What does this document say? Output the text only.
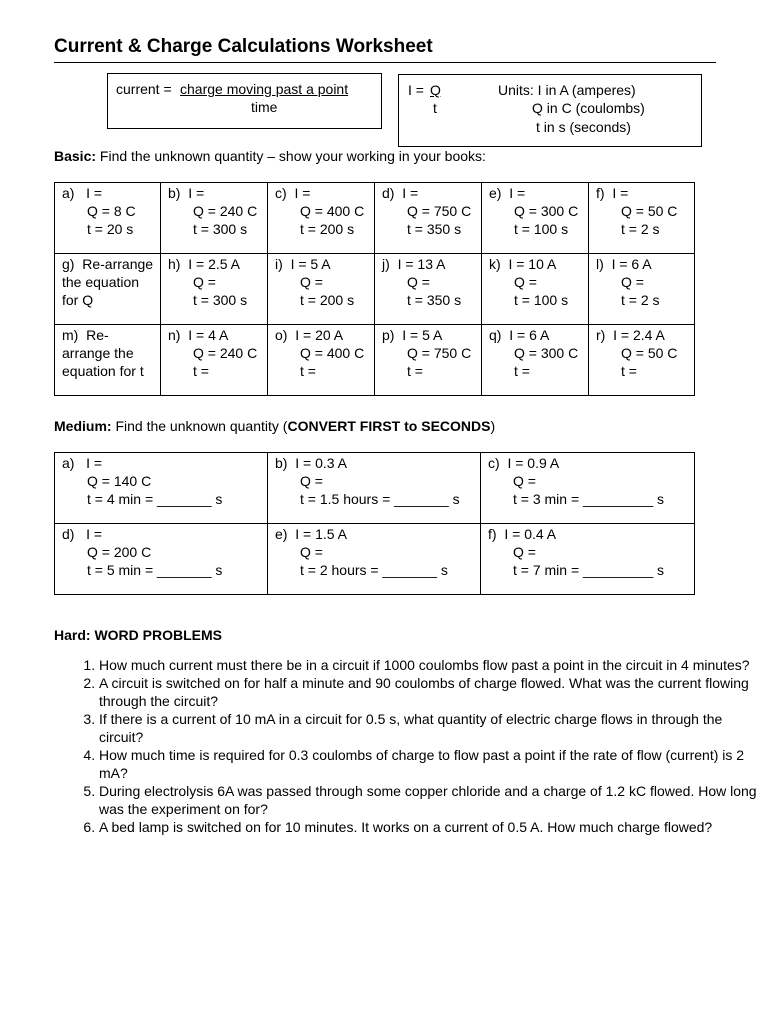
Current & Charge Calculations Worksheet
current = charge moving past a point
time
I = Q
t
Units: I in A (amperes)
Q in C (coulombs)
t in s (seconds)
Basic: Find the unknown quantity – show your working in your books:
a) I =
Q = 8 C
t = 20 s	b) I =
Q = 240 C
t = 300 s	c) I =
Q = 400 C
t = 200 s	d) I =
Q = 750 C
t = 350 s	e) I =
Q = 300 C
t = 100 s	f) I =
Q = 50 C
t = 2 s

g) Re-arrange the equation for Q	h) I = 2.5 A
Q =
t = 300 s	i) I = 5 A
Q =
t = 200 s	j) I = 13 A
Q =
t = 350 s	k) I = 10 A
Q =
t = 100 s	l) I = 6 A
Q =
t = 2 s

m) Re-arrange the equation for t	n) I = 4 A
Q = 240 C
t =	o) I = 20 A
Q = 400 C
t =	p) I = 5 A
Q = 750 C
t =	q) I = 6 A
Q = 300 C
t =	r) I = 2.4 A
Q = 50 C
t =
Medium: Find the unknown quantity (CONVERT FIRST to SECONDS)
a) I =
Q = 140 C
t = 4 min = _______ s	b) I = 0.3 A
Q =
t = 1.5 hours = _______ s	c) I = 0.9 A
Q =
t = 3 min = _________ s

d) I =
Q = 200 C
t = 5 min = _______ s	e) I = 1.5 A
Q =
t = 2 hours = _______ s	f) I = 0.4 A
Q =
t = 7 min = _________ s
Hard: WORD PROBLEMS
1. How much current must there be in a circuit if 1000 coulombs flow past a point in the circuit in 4 minutes?
2. A circuit is switched on for half a minute and 90 coulombs of charge flowed. What was the current flowing through the circuit?
3. If there is a current of 10 mA in a circuit for 0.5 s, what quantity of electric charge flows in through the circuit?
4. How much time is required for 0.3 coulombs of charge to flow past a point if the rate of flow (current) is 2 mA?
5. During electrolysis 6A was passed through some copper chloride and a charge of 1.2 kC flowed. How long was the experiment on for?
6. A bed lamp is switched on for 10 minutes. It works on a current of 0.5 A. How much charge flowed?
